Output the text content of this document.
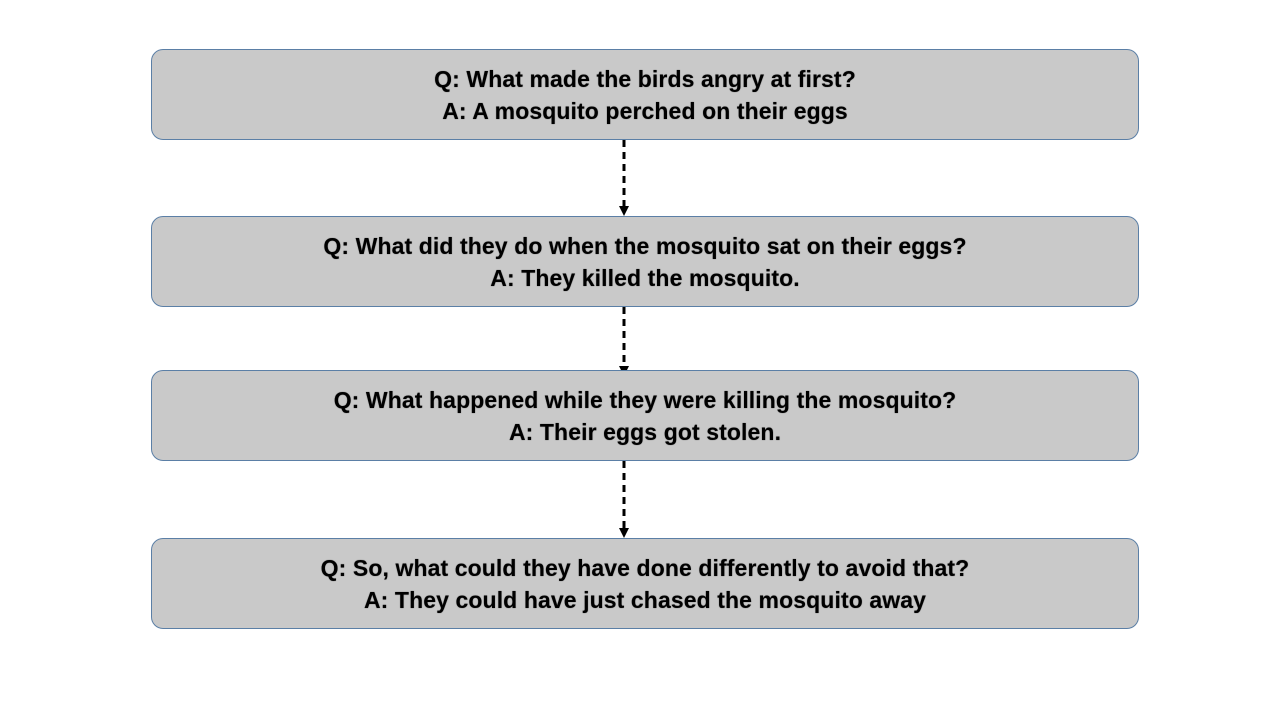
Q: What made the birds angry at first?
A: A mosquito perched on their eggs
Q: What did they do when the mosquito sat on their eggs?
A: They killed the mosquito.
Q: What happened while they were killing the mosquito?
A: Their eggs got stolen.
Q: So, what could they have done differently to avoid that?
A: They could have just chased the mosquito away
